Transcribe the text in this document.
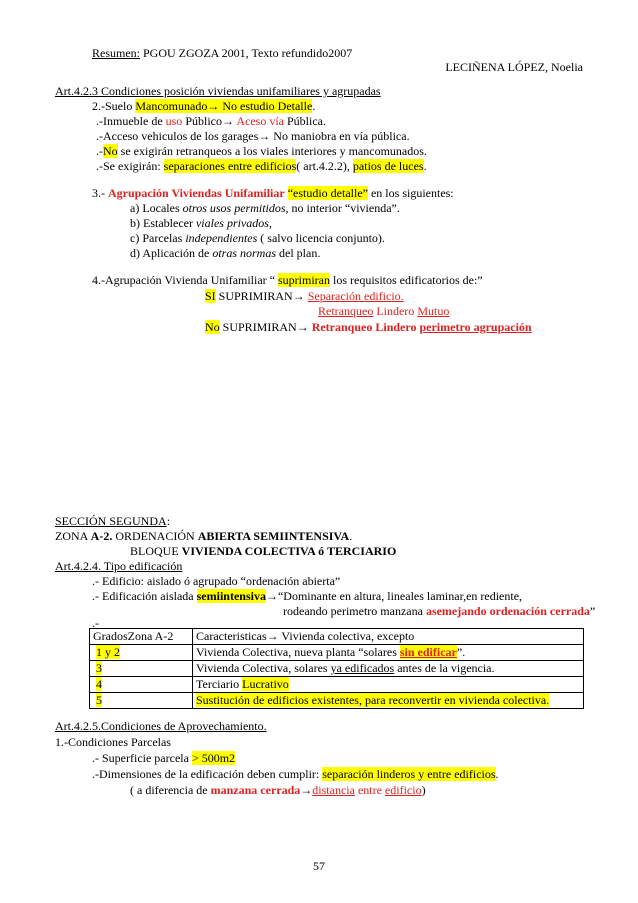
Resumen: PGOU ZGOZA 2001, Texto refundido2007
LECIÑENA LÓPEZ, Noelia
Art.4.2.3 Condiciones posición viviendas unifamiliares y agrupadas
2.-Suelo Mancomunado→ No estudio Detalle.
.-Inmueble de uso Público→ Aceso vía Pública.
.-Acceso vehiculos de los garages→ No maniobra en vía pública.
.-No se exigirán retranqueos a los viales interiores y mancomunados.
.-Se exigirán: separaciones entre edificios( art.4.2.2), patios de luces.
3.- Agrupación Viviendas Unifamiliar “estudio detalle” en los siguientes:
a) Locales otros usos permitidos, no interior “vivienda”.
b) Establecer viales privados,
c) Parcelas independientes ( salvo licencia conjunto).
d) Aplicación de otras normas del plan.
4.-Agrupación Vivienda Unifamiliar “ suprimiran los requisitos edificatorios de:”
SI SUPRIMIRAN→ Separación edificio.
Retranqueo Lindero Mutuo
No SUPRIMIRAN→ Retranqueo Lindero perimetro agrupación
SECCIÓN SEGUNDA:
ZONA A-2. ORDENACIÓN ABIERTA SEMIINTENSIVA.
BLOQUE VIVIENDA COLECTIVA ó TERCIARIO
Art.4.2.4. Tipo edificación
.- Edificio: aislado ó agrupado “ordenación abierta”
.- Edificación aislada semiintensiva→“Dominante en altura, lineales laminar,en rediente,
rodeando perimetro manzana asemejando ordenación cerrada”
.-
GradosZona A-2	Caracteristicas→ Vivienda colectiva, excepto
1 y 2	Vivienda Colectiva, nueva planta “solares sin edificar”.
3	Vivienda Colectiva, solares ya edificados antes de la vigencia.
4	Terciario Lucrativo
5	Sustitución de edificios existentes, para reconvertir en vivienda colectiva.
Art.4.2.5.Condiciones de Aprovechamiento.
1.-Condiciones Parcelas
.- Superficie parcela > 500m2
.-Dimensiones de la edificación deben cumplir: separación linderos y entre edificios.
( a diferencia de manzana cerrada→distancia entre edificio)
57
